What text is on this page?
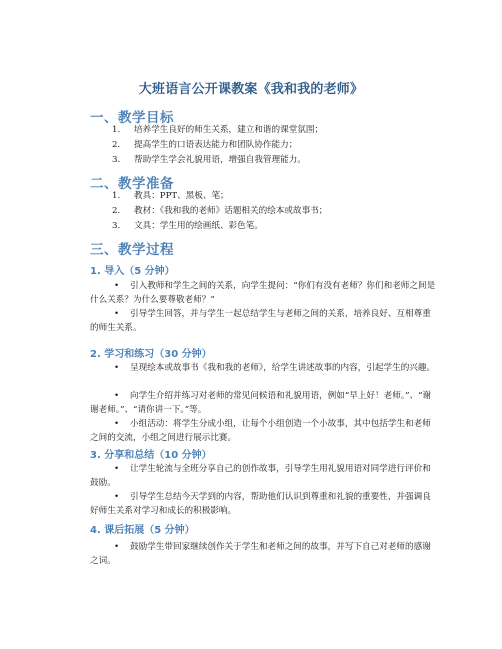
大班语言公开课教案《我和我的老师》
一、教学目标
1. 培养学生良好的师生关系，建立和谐的课堂氛围；
2. 提高学生的口语表达能力和团队协作能力；
3. 帮助学生学会礼貌用语，增强自我管理能力。
二、教学准备
1. 教具：PPT、黑板、笔；
2. 教材：《我和我的老师》话题相关的绘本或故事书；
3. 文具：学生用的绘画纸、彩色笔。
三、教学过程
1. 导入（5 分钟）
•	引入教师和学生之间的关系，向学生提问：“你们有没有老师？你们和老师之间是什么关系？为什么要尊敬老师？”
•	引导学生回答，并与学生一起总结学生与老师之间的关系，培养良好、互相尊重的师生关系。
2. 学习和练习（30 分钟）
•	呈现绘本或故事书《我和我的老师》，给学生讲述故事的内容，引起学生的兴趣。
•	向学生介绍并练习对老师的常见问候语和礼貌用语，例如“早上好！老师。”、“谢谢老师。”、“请你讲一下。”等。
•	小组活动：将学生分成小组，让每个小组创造一个小故事，其中包括学生和老师之间的交流，小组之间进行展示比赛。
3. 分享和总结（10 分钟）
•	让学生轮流与全班分享自己的创作故事，引导学生用礼貌用语对同学进行评价和鼓励。
•	引导学生总结今天学到的内容，帮助他们认识到尊重和礼貌的重要性，并强调良好师生关系对学习和成长的积极影响。
4. 课后拓展（5 分钟）
•	鼓励学生带回家继续创作关于学生和老师之间的故事，并写下自己对老师的感谢之词。
